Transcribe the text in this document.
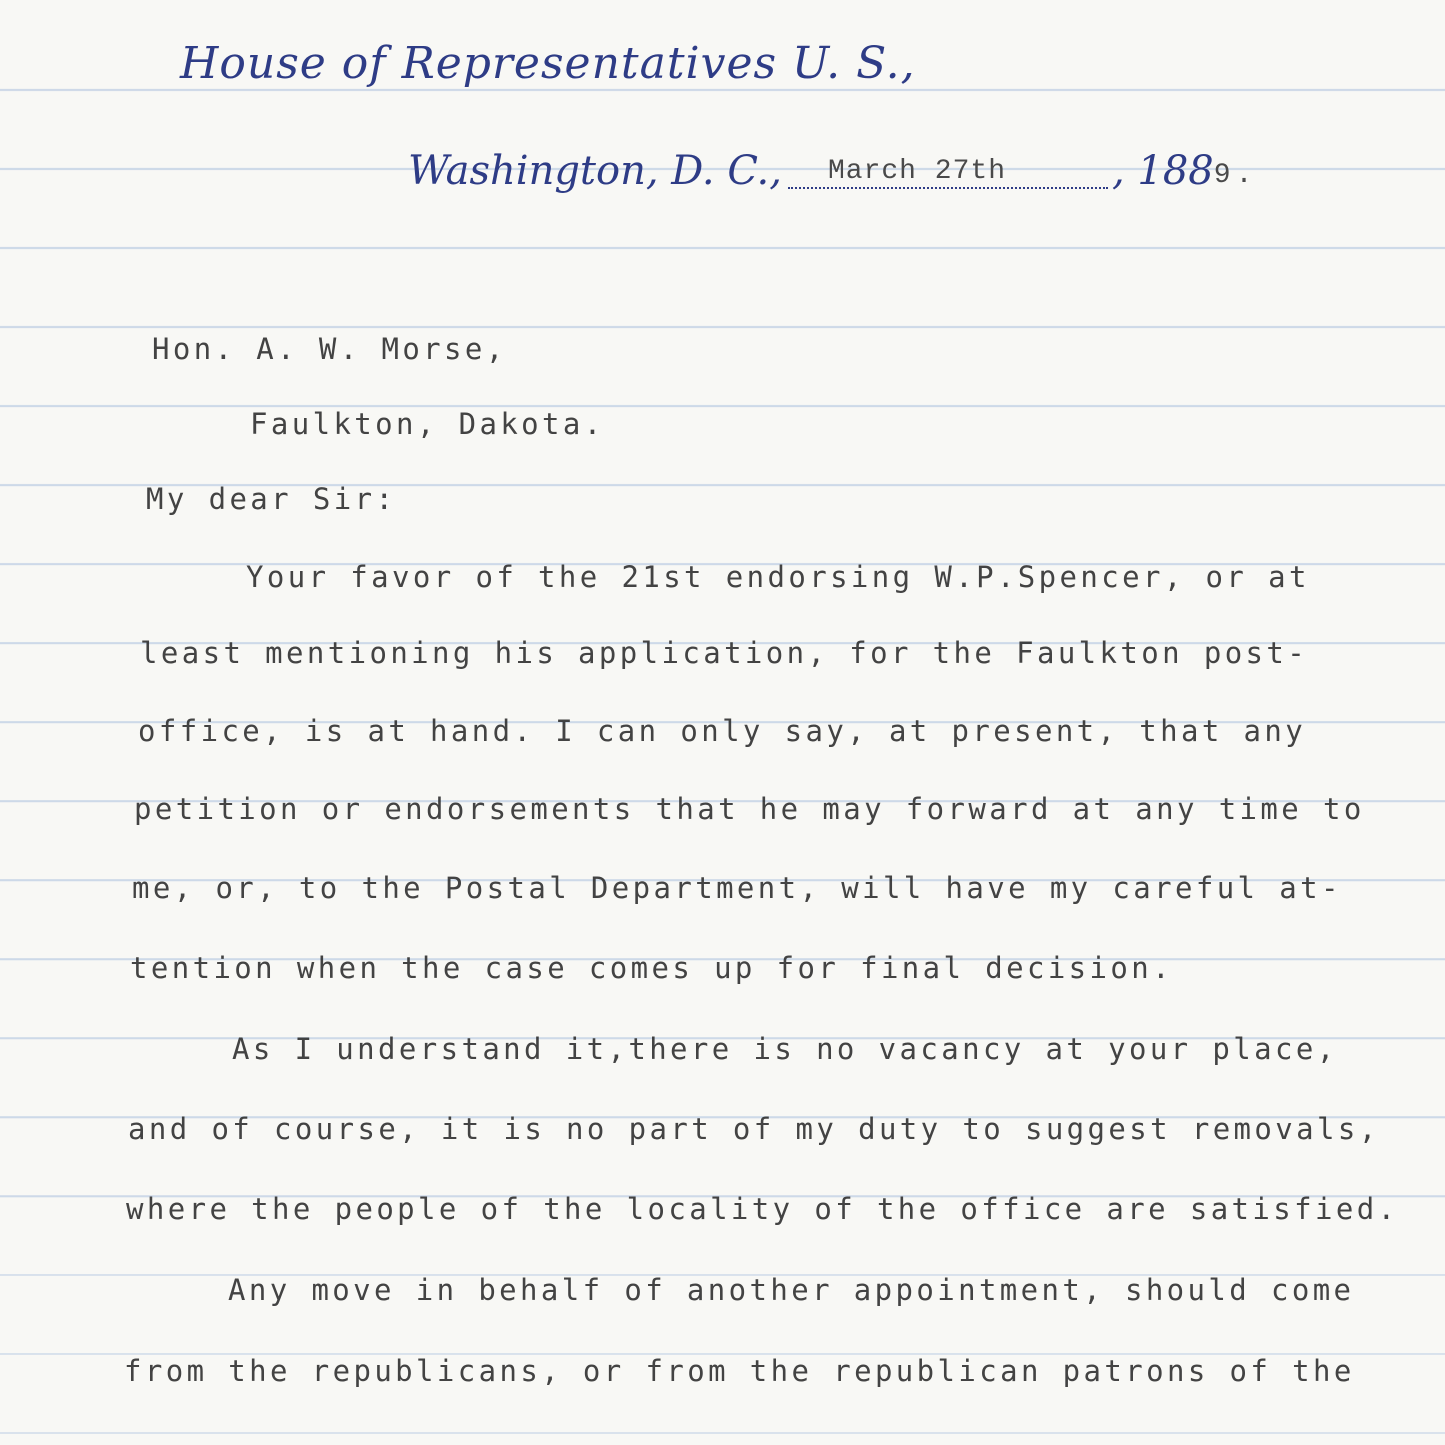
House of Representatives U. S.,
Washington, D. C., March 27th	, 1889 .
Hon. A. W. Morse,
Faulkton, Dakota.
My dear Sir:
Your favor of the 21st endorsing W.P.Spencer, or at
least mentioning his application, for the Faulkton post-
office, is at hand. I can only say, at present, that any
petition or endorsements that he may forward at any time to
me, or, to the Postal Department, will have my careful at-
tention when the case comes up for final decision.
As I understand it,there is no vacancy at your place,
and of course, it is no part of my duty to suggest removals,
where the people of the locality of the office are satisfied.
Any move in behalf of another appointment, should come
from the republicans, or from the republican patrons of the
